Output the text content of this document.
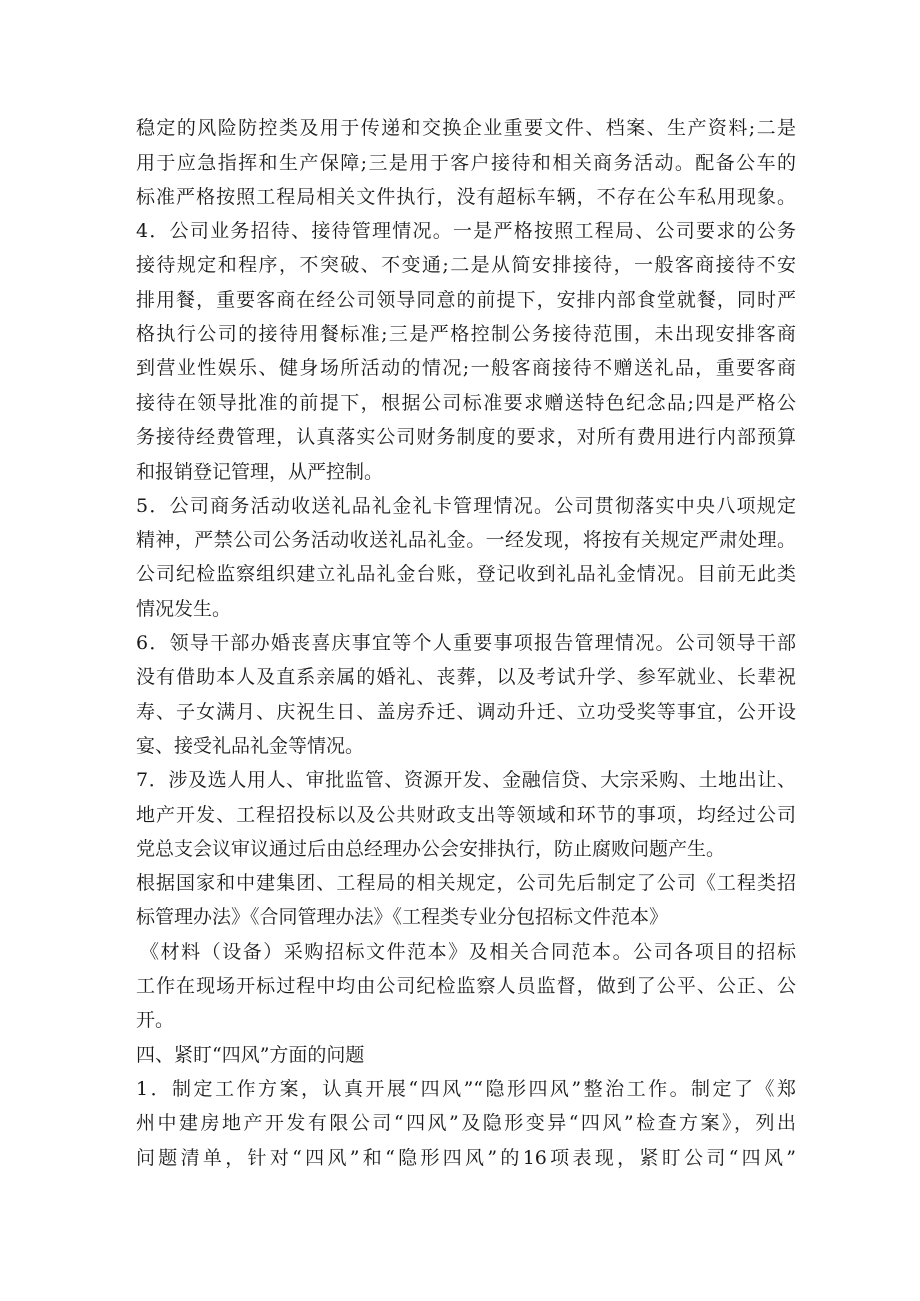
稳定的风险防控类及用于传递和交换企业重要文件、档案、生产资料;二是
用于应急指挥和生产保障;三是用于客户接待和相关商务活动。配备公车的
标准严格按照工程局相关文件执行，没有超标车辆，不存在公车私用现象。
4．公司业务招待、接待管理情况。一是严格按照工程局、公司要求的公务
接待规定和程序，不突破、不变通;二是从简安排接待，一般客商接待不安
排用餐，重要客商在经公司领导同意的前提下，安排内部食堂就餐，同时严
格执行公司的接待用餐标准;三是严格控制公务接待范围，未出现安排客商
到营业性娱乐、健身场所活动的情况;一般客商接待不赠送礼品，重要客商
接待在领导批准的前提下，根据公司标准要求赠送特色纪念品;四是严格公
务接待经费管理，认真落实公司财务制度的要求，对所有费用进行内部预算
和报销登记管理，从严控制。
5．公司商务活动收送礼品礼金礼卡管理情况。公司贯彻落实中央八项规定
精神，严禁公司公务活动收送礼品礼金。一经发现，将按有关规定严肃处理。
公司纪检监察组织建立礼品礼金台账，登记收到礼品礼金情况。目前无此类
情况发生。
6．领导干部办婚丧喜庆事宜等个人重要事项报告管理情况。公司领导干部
没有借助本人及直系亲属的婚礼、丧葬，以及考试升学、参军就业、长辈祝
寿、子女满月、庆祝生日、盖房乔迁、调动升迁、立功受奖等事宜，公开设
宴、接受礼品礼金等情况。
7．涉及选人用人、审批监管、资源开发、金融信贷、大宗采购、土地出让、
地产开发、工程招投标以及公共财政支出等领域和环节的事项，均经过公司
党总支会议审议通过后由总经理办公会安排执行，防止腐败问题产生。
根据国家和中建集团、工程局的相关规定，公司先后制定了公司《工程类招
标管理办法》《合同管理办法》《工程类专业分包招标文件范本》
《材料（设备）采购招标文件范本》及相关合同范本。公司各项目的招标
工作在现场开标过程中均由公司纪检监察人员监督，做到了公平、公正、公
开。
四、紧盯“四风”方面的问题
1．制定工作方案，认真开展“四风”“隐形四风”整治工作。制定了《郑
州中建房地产开发有限公司“四风”及隐形变异“四风”检查方案》，列出
问题清单，针对“四风”和“隐形四风”的16项表现，紧盯公司“四风”
